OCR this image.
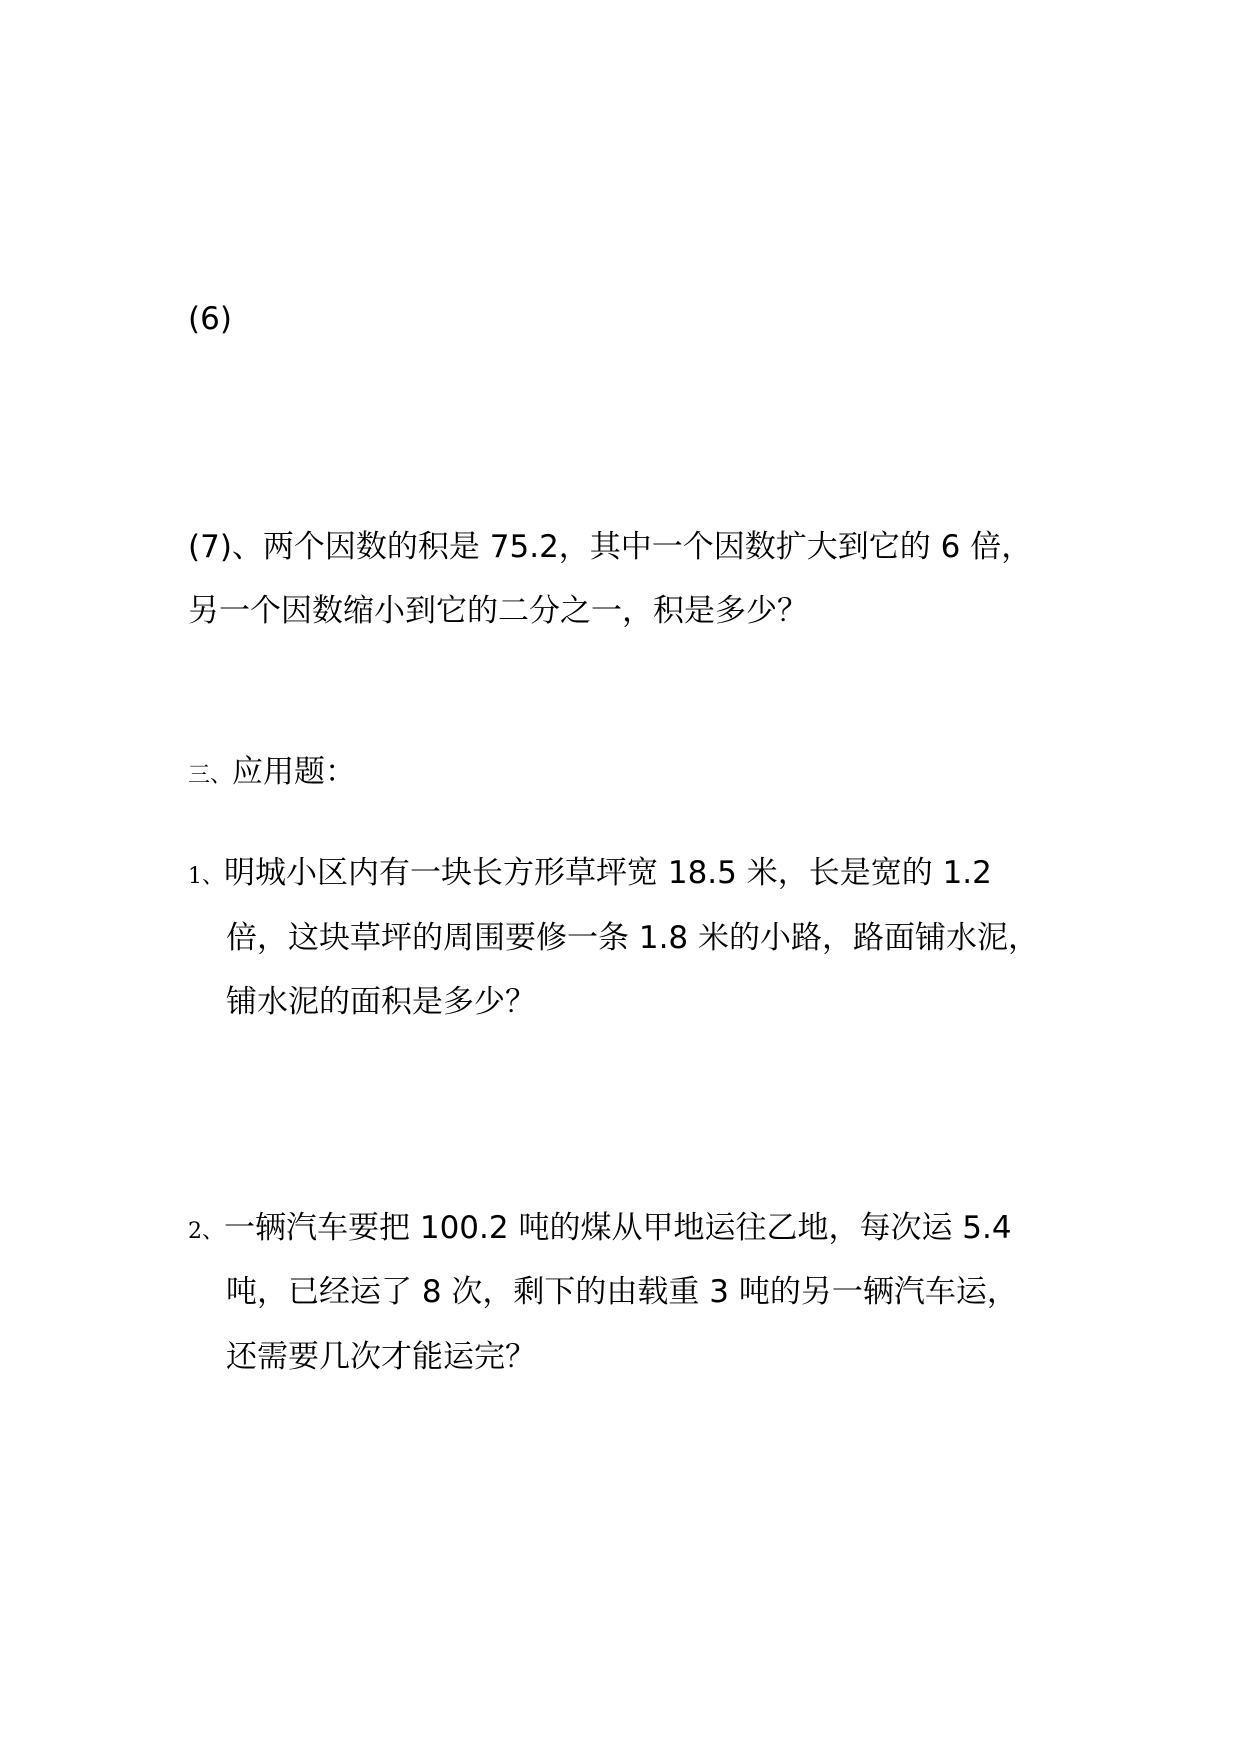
(6)
(7)、两个因数的积是 75.2，其中一个因数扩大到它的 6 倍，
另一个因数缩小到它的二分之一，积是多少？
三、应用题：
1、明城小区内有一块长方形草坪宽 18.5 米，长是宽的 1.2
倍，这块草坪的周围要修一条 1.8 米的小路，路面铺水泥，
铺水泥的面积是多少？
2、一辆汽车要把 100.2 吨的煤从甲地运往乙地，每次运 5.4
吨，已经运了 8 次，剩下的由载重 3 吨的另一辆汽车运，
还需要几次才能运完？
